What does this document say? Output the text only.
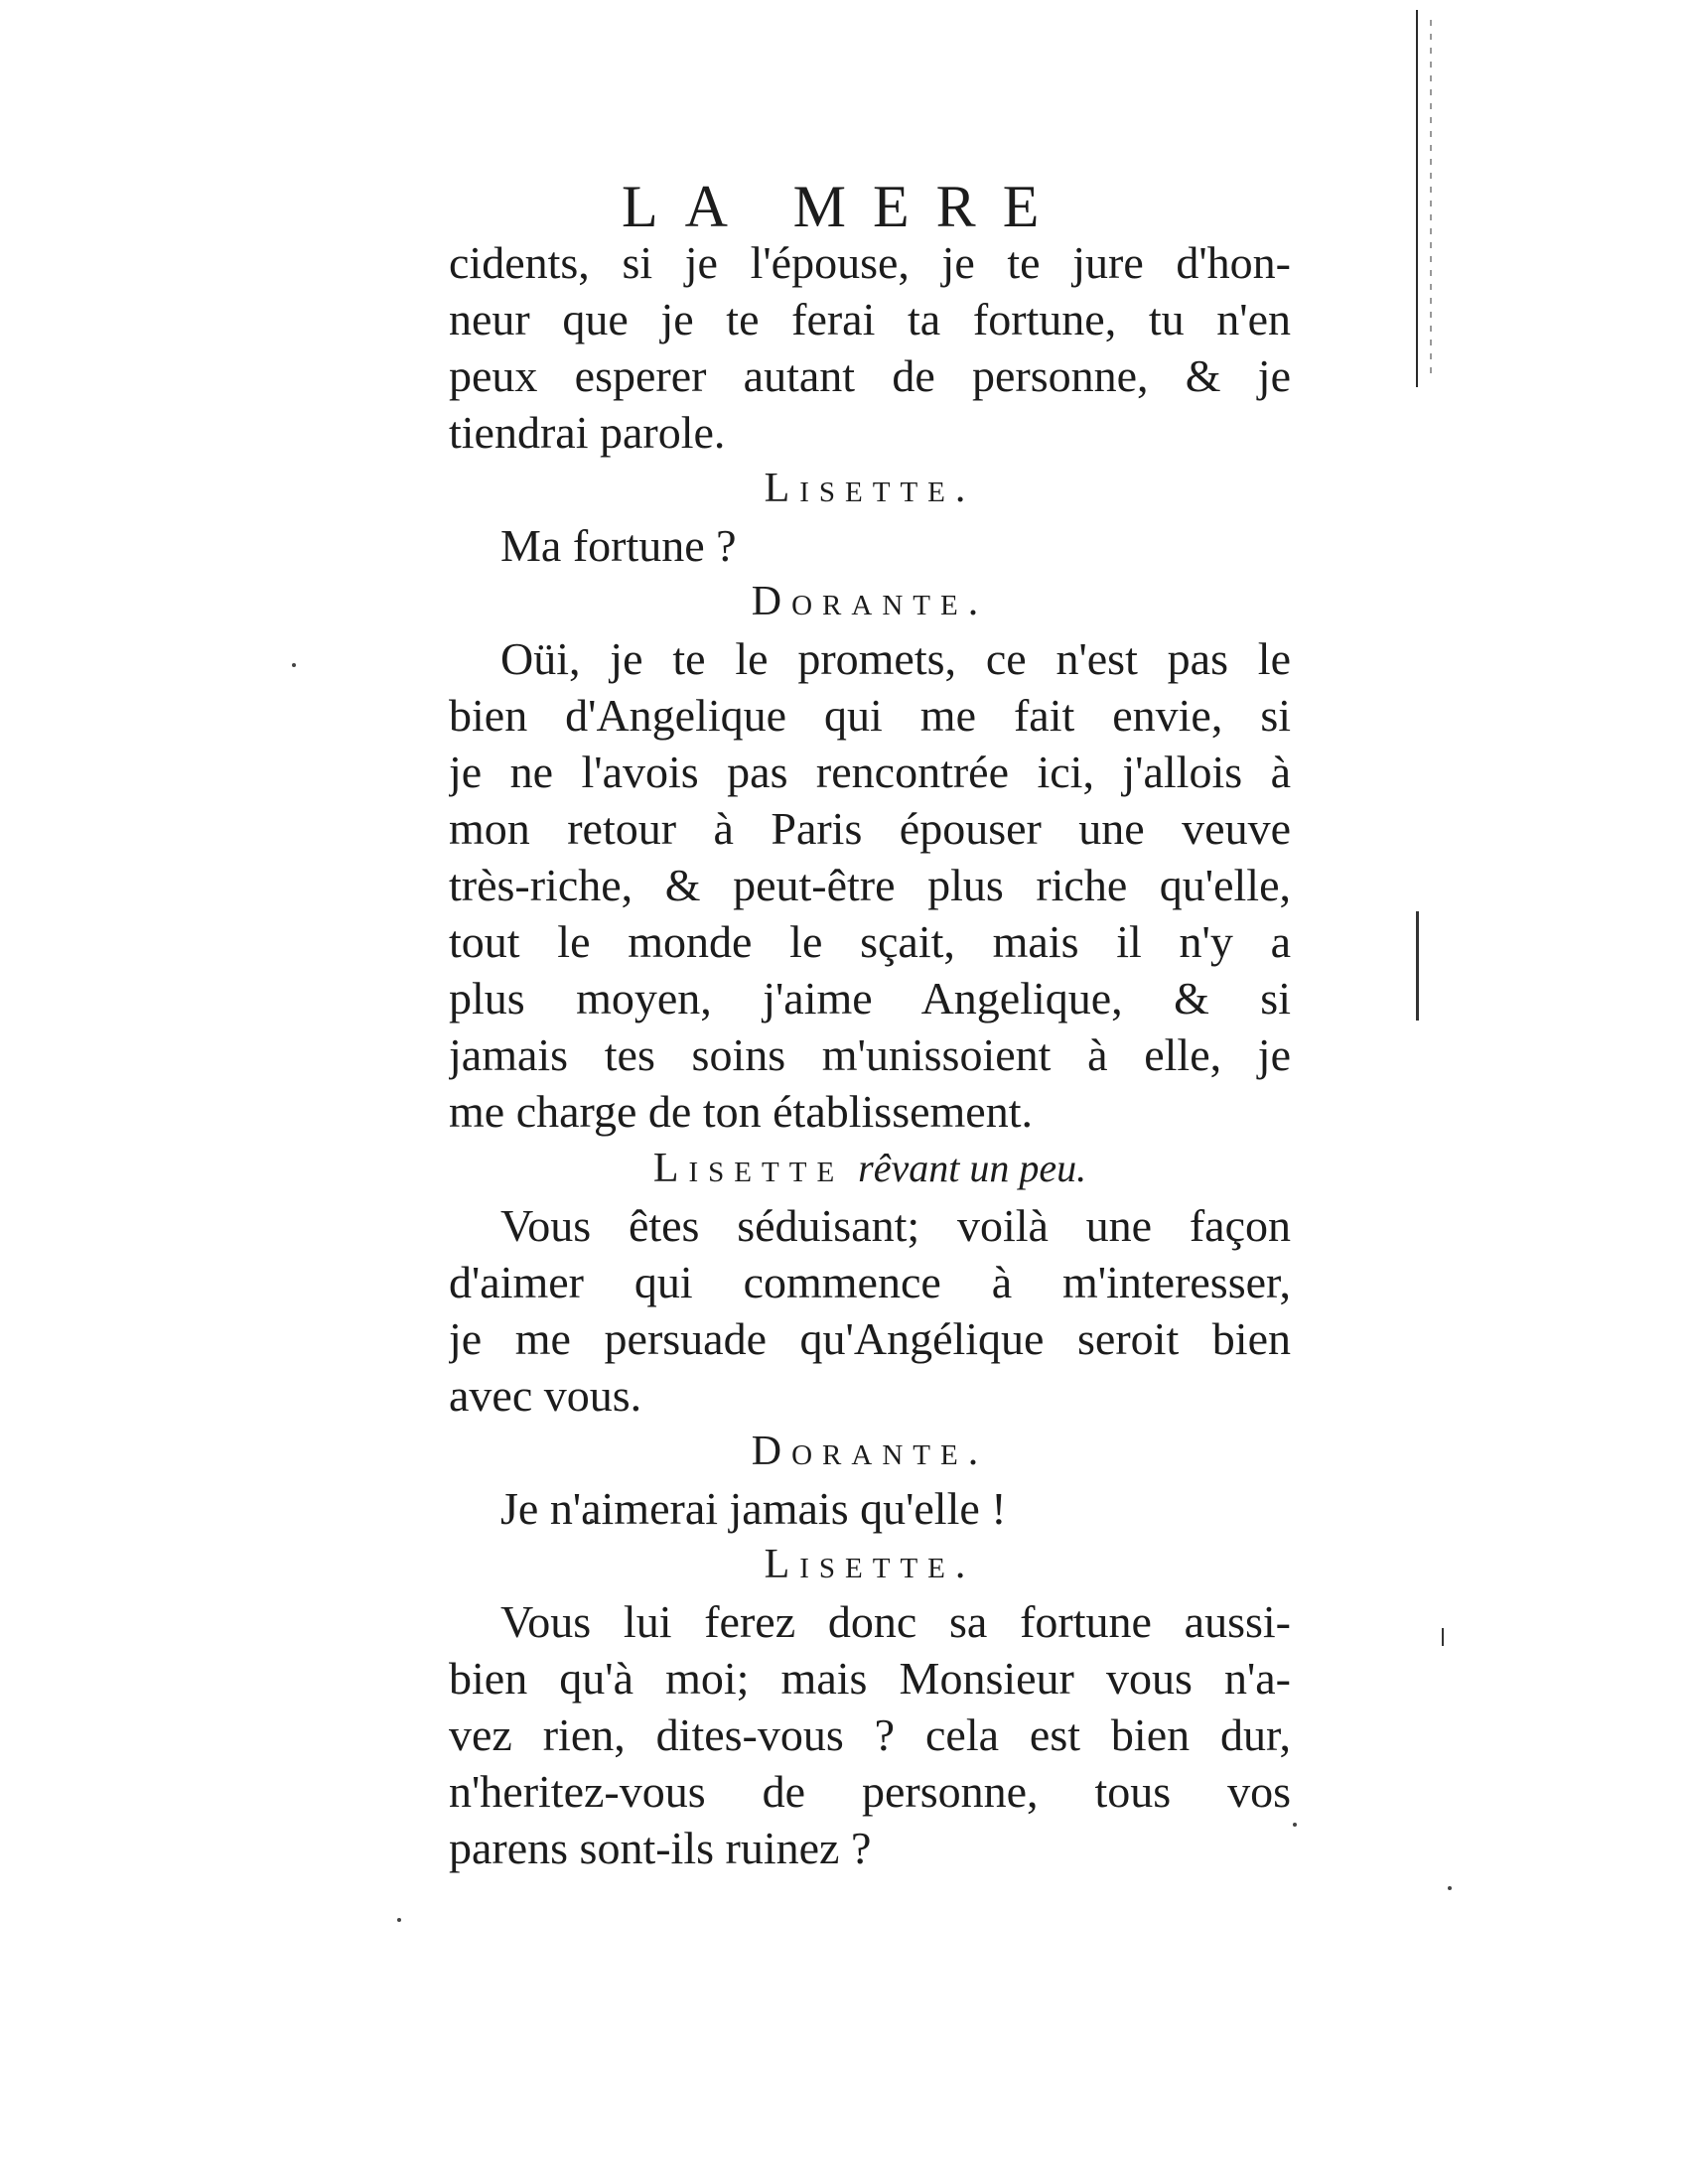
LA MERE
cidents, si je l'épouse, je te jure d'hon-
neur que je te ferai ta fortune, tu n'en
peux esperer autant de personne, & je
tiendrai parole.
Lisette.
Ma fortune ?
Dorante.
Oüi, je te le promets, ce n'est pas le
bien d'Angelique qui me fait envie, si
je ne l'avois pas rencontrée ici, j'allois à
mon retour à Paris épouser une veuve
très-riche, & peut-être plus riche qu'elle,
tout le monde le sçait, mais il n'y a
plus moyen, j'aime Angelique, & si
jamais tes soins m'unissoient à elle, je
me charge de ton établissement.
Lisette rêvant un peu.
Vous êtes séduisant; voilà une façon
d'aimer qui commence à m'interesser,
je me persuade qu'Angélique seroit bien
avec vous.
Dorante.
Je n'aimerai jamais qu'elle !
Lisette.
Vous lui ferez donc sa fortune aussi-
bien qu'à moi; mais Monsieur vous n'a-
vez rien, dites-vous ? cela est bien dur,
n'heritez-vous de personne, tous vos
parens sont-ils ruinez ?
